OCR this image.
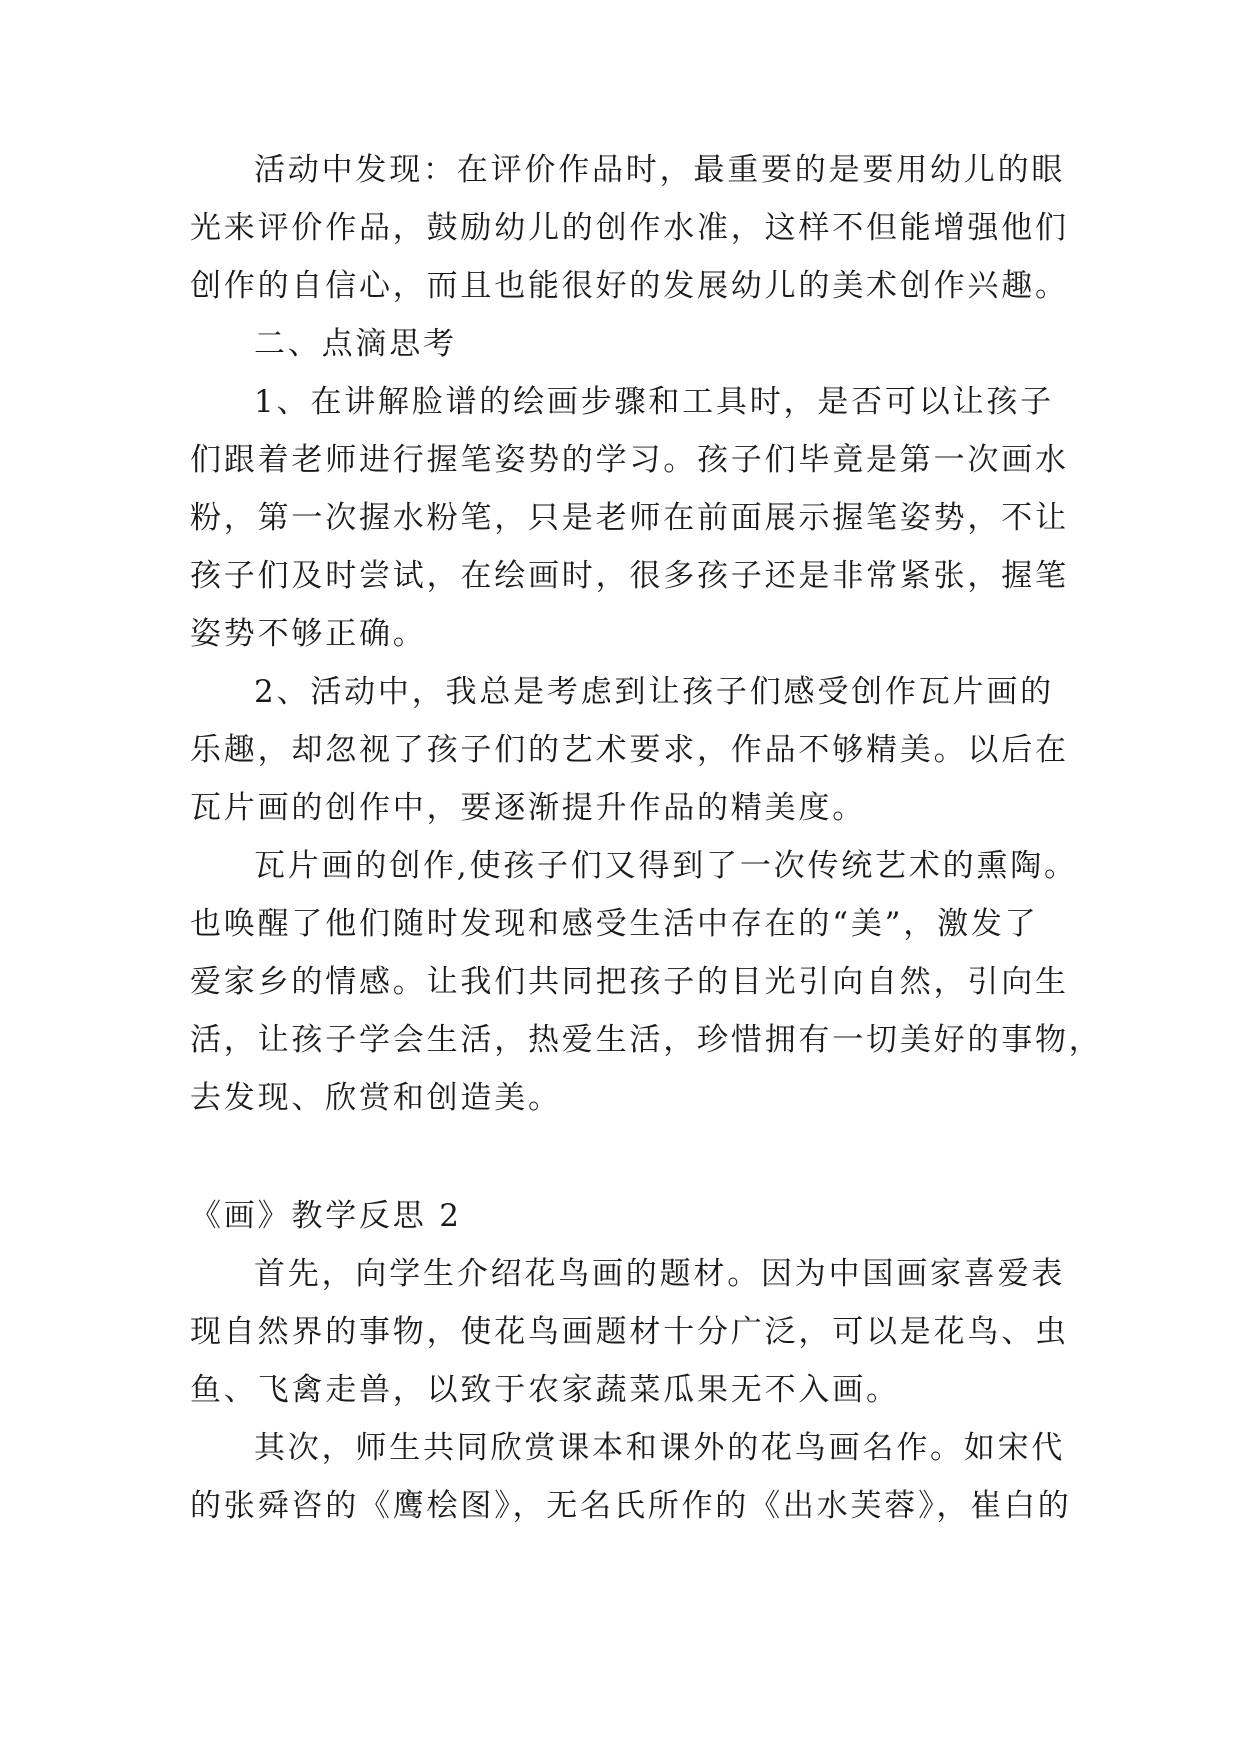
活动中发现：在评价作品时，最重要的是要用幼儿的眼
光来评价作品，鼓励幼儿的创作水准，这样不但能增强他们
创作的自信心，而且也能很好的发展幼儿的美术创作兴趣。
二、点滴思考
1、在讲解脸谱的绘画步骤和工具时，是否可以让孩子
们跟着老师进行握笔姿势的学习。孩子们毕竟是第一次画水
粉，第一次握水粉笔，只是老师在前面展示握笔姿势，不让
孩子们及时尝试，在绘画时，很多孩子还是非常紧张，握笔
姿势不够正确。
2、活动中，我总是考虑到让孩子们感受创作瓦片画的
乐趣，却忽视了孩子们的艺术要求，作品不够精美。以后在
瓦片画的创作中，要逐渐提升作品的精美度。
瓦片画的创作,使孩子们又得到了一次传统艺术的熏陶。
也唤醒了他们随时发现和感受生活中存在的“美”，激发了
爱家乡的情感。让我们共同把孩子的目光引向自然，引向生
活，让孩子学会生活，热爱生活，珍惜拥有一切美好的事物，
去发现、欣赏和创造美。
《画》教学反思 2
首先，向学生介绍花鸟画的题材。因为中国画家喜爱表
现自然界的事物，使花鸟画题材十分广泛，可以是花鸟、虫
鱼、飞禽走兽，以致于农家蔬菜瓜果无不入画。
其次，师生共同欣赏课本和课外的花鸟画名作。如宋代
的张舜咨的《鹰桧图》，无名氏所作的《出水芙蓉》，崔白的
